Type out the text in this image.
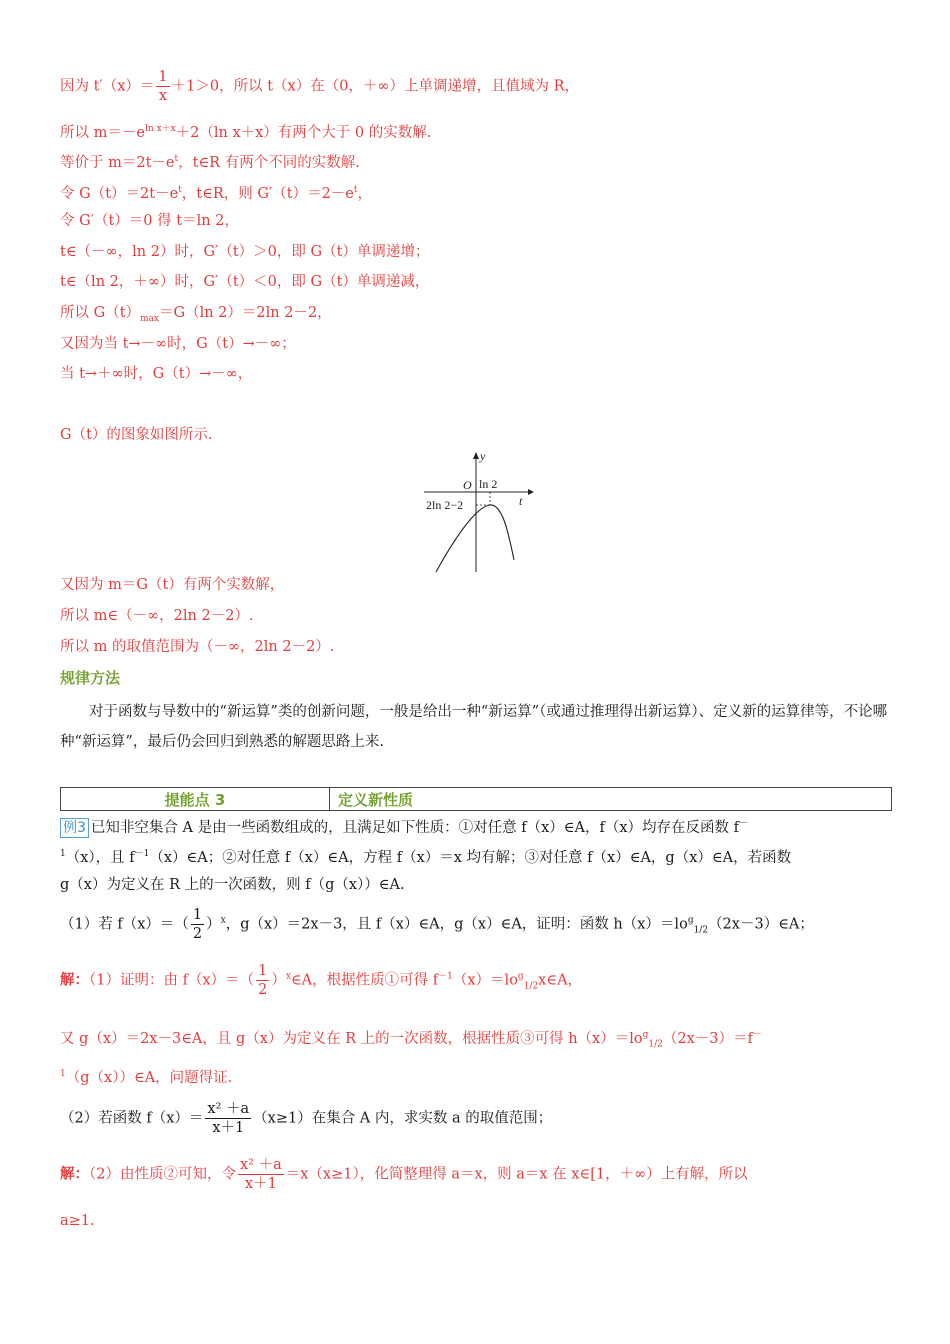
因为 $t'(x)= \frac{1}{x} +1>0$，所以 t（x）在（0，＋∞）上单调递增，且值域为 R，
所以 $m=-e^{ln x+x}+2(\ln$ x＋x）有两个大于 0 的实数解.
等价于 $m=2t-e^t$，t∈R 有两个不同的实数解.
令 $G(t)=2t-e^t$，t∈R，则 $G'(t)=2-e^t$，
令 G′（t）＝0 得 t＝ln 2，
t∈（－∞，ln 2）时，G′（t）＞0，即 G（t）单调递增；
t∈（ln 2，＋∞）时，G′（t）＜0，即 G（t）单调递减，
所以 $G(t)_{max}=G(\ln$ 2）＝2ln 2－2，
又因为当 t→－∞时，G（t）→－∞；
当 t→＋∞时，G（t）→－∞，
G（t）的图象如图所示.
y
t
O ln 2
2ln 2−2
又因为 m＝G（t）有两个实数解，
所以 m∈（－∞，2ln 2－2）.
所以 m 的取值范围为（－∞，2ln 2－2）.
规律方法
对于函数与导数中的“新运算”类的创新问题，一般是给出一种“新运算”（或通过推理得出新运算）、定义新的运算律等，不论哪种“新运算”，最后仍会回归到熟悉的解题思路上来.
提能点 3	定义新性质
例3 已知非空集合 A 是由一些函数组成的，且满足如下性质：①对任意 f（x）∈A，f（x）均存在反函数 f－
$^1$（x），且 $f^{-1}(x)\in A$；②对任意 f（x）∈A，方程 f（x）＝x 均有解；③对任意 f（x）∈A，g（x）∈A，若函数
g（x）为定义在 R 上的一次函数，则 f（g（x））∈A.
（1）若 $f(x)=( \frac{1}{2} )^x$，g（x）＝2x－3，且 f（x）∈A，g（x）∈A，证明：函数 $h(x)=lo^g_{1/2}(2x-3)\in A$；
解：（1）证明：由 $f(x)=( \frac{1}{2}$ ）$^x\in A$，根据性质①可得 $f^{-1}(x)=lo^g_{1/2}x\in A$，
又 g（x）＝2x－3∈A，且 g（x）为定义在 R 上的一次函数，根据性质③可得 $h(x)=lo^g_{1/2}(2x-3)=f^-$
$^1$（g（x））∈A，问题得证.
（2）若函数 $f(x)= \frac{\text{x² ＋a}}{x+1} (x\ge 1)$在集合 A 内，求实数 a 的取值范围；
解：（2）由性质②可知，令 $\frac{\text{x² ＋a}}{x+1} =x(x\ge 1)$，化简整理得 a＝x，则 a＝x 在 x∈[1，＋∞）上有解，所以
a≥1.
